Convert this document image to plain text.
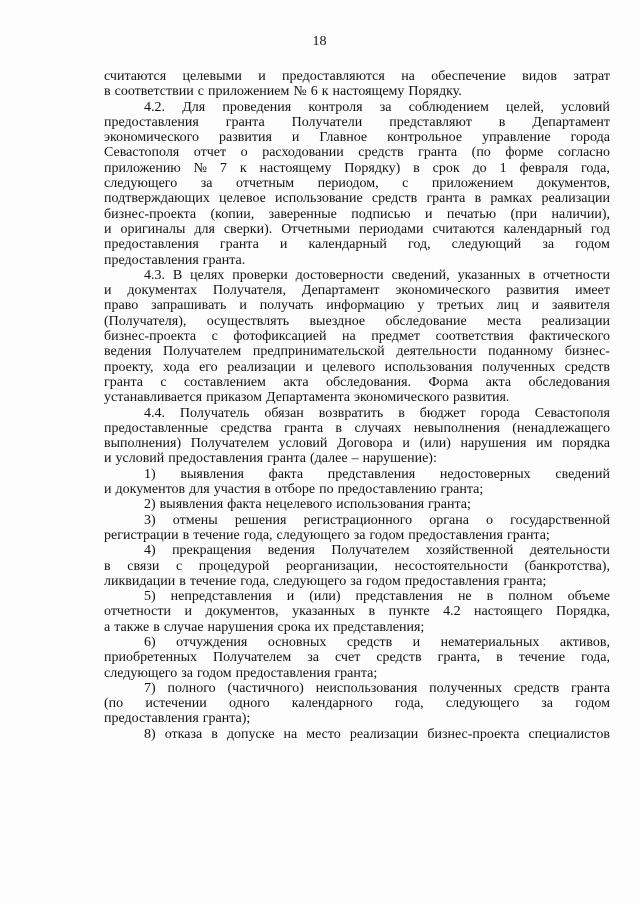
18
считаются целевыми и предоставляются на обеспечение видов затрат
в соответствии с приложением № 6 к настоящему Порядку.
4.2. Для проведения контроля за соблюдением целей, условий
предоставления гранта Получатели представляют в Департамент
экономического развития и Главное контрольное управление города
Севастополя отчет о расходовании средств гранта (по форме согласно
приложению № 7 к настоящему Порядку) в срок до 1 февраля года,
следующего за отчетным периодом, с приложением документов,
подтверждающих целевое использование средств гранта в рамках реализации
бизнес-проекта (копии, заверенные подписью и печатью (при наличии),
и оригиналы для сверки). Отчетными периодами считаются календарный год
предоставления гранта и календарный год, следующий за годом
предоставления гранта.
4.3. В целях проверки достоверности сведений, указанных в отчетности
и документах Получателя, Департамент экономического развития имеет
право запрашивать и получать информацию у третьих лиц и заявителя
(Получателя), осуществлять выездное обследование места реализации
бизнес-проекта с фотофиксацией на предмет соответствия фактического
ведения Получателем предпринимательской деятельности поданному бизнес-
проекту, хода его реализации и целевого использования полученных средств
гранта с составлением акта обследования. Форма акта обследования
устанавливается приказом Департамента экономического развития.
4.4. Получатель обязан возвратить в бюджет города Севастополя
предоставленные средства гранта в случаях невыполнения (ненадлежащего
выполнения) Получателем условий Договора и (или) нарушения им порядка
и условий предоставления гранта (далее – нарушение):
1) выявления факта представления недостоверных сведений
и документов для участия в отборе по предоставлению гранта;
2) выявления факта нецелевого использования гранта;
3) отмены решения регистрационного органа о государственной
регистрации в течение года, следующего за годом предоставления гранта;
4) прекращения ведения Получателем хозяйственной деятельности
в связи с процедурой реорганизации, несостоятельности (банкротства),
ликвидации в течение года, следующего за годом предоставления гранта;
5) непредставления и (или) представления не в полном объеме
отчетности и документов, указанных в пункте 4.2 настоящего Порядка,
а также в случае нарушения срока их представления;
6) отчуждения основных средств и нематериальных активов,
приобретенных Получателем за счет средств гранта, в течение года,
следующего за годом предоставления гранта;
7) полного (частичного) неиспользования полученных средств гранта
(по истечении одного календарного года, следующего за годом
предоставления гранта);
8) отказа в допуске на место реализации бизнес-проекта специалистов
